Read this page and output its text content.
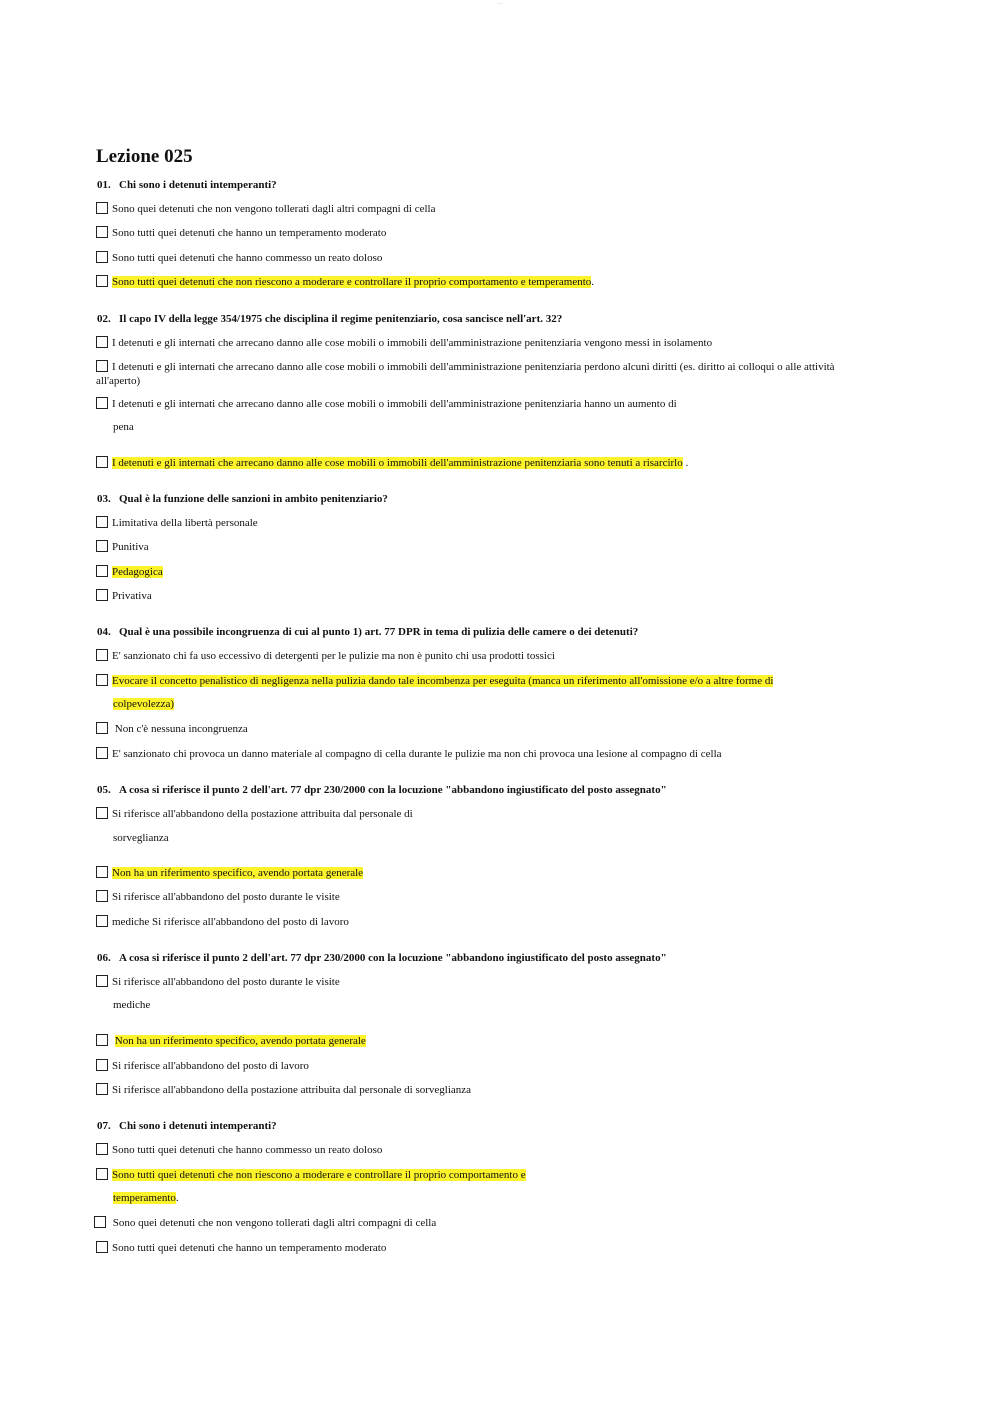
......
Lezione 025
01. Chi sono i detenuti intemperanti?
Sono quei detenuti che non vengono tollerati dagli altri compagni di cella
Sono tutti quei detenuti che hanno un temperamento moderato
Sono tutti quei detenuti che hanno commesso un reato doloso
Sono tutti quei detenuti che non riescono a moderare e controllare il proprio comportamento e temperamento.
02. Il capo IV della legge 354/1975 che disciplina il regime penitenziario, cosa sancisce nell'art. 32?
I detenuti e gli internati che arrecano danno alle cose mobili o immobili dell'amministrazione penitenziaria vengono messi in isolamento
I detenuti e gli internati che arrecano danno alle cose mobili o immobili dell'amministrazione penitenziaria perdono alcuni diritti (es. diritto ai colloqui o alle attività all'aperto)
I detenuti e gli internati che arrecano danno alle cose mobili o immobili dell'amministrazione penitenziaria hanno un aumento di
pena
I detenuti e gli internati che arrecano danno alle cose mobili o immobili dell'amministrazione penitenziaria sono tenuti a risarcirlo .
03. Qual è la funzione delle sanzioni in ambito penitenziario?
Limitativa della libertà personale
Punitiva
Pedagogica
Privativa
04. Qual è una possibile incongruenza di cui al punto 1) art. 77 DPR in tema di pulizia delle camere o dei detenuti?
E' sanzionato chi fa uso eccessivo di detergenti per le pulizie ma non è punito chi usa prodotti tossici
Evocare il concetto penalistico di negligenza nella pulizia dando tale incombenza per eseguita (manca un riferimento all'omissione e/o a altre forme di
colpevolezza)
Non c'è nessuna incongruenza
E' sanzionato chi provoca un danno materiale al compagno di cella durante le pulizie ma non chi provoca una lesione al compagno di cella
05. A cosa si riferisce il punto 2 dell'art. 77 dpr 230/2000 con la locuzione "abbandono ingiustificato del posto assegnato"
Si riferisce all'abbandono della postazione attribuita dal personale di
sorveglianza
Non ha un riferimento specifico, avendo portata generale
Si riferisce all'abbandono del posto durante le visite
mediche Si riferisce all'abbandono del posto di lavoro
06. A cosa si riferisce il punto 2 dell'art. 77 dpr 230/2000 con la locuzione "abbandono ingiustificato del posto assegnato"
Si riferisce all'abbandono del posto durante le visite
mediche
Non ha un riferimento specifico, avendo portata generale
Si riferisce all'abbandono del posto di lavoro
Si riferisce all'abbandono della postazione attribuita dal personale di sorveglianza
07. Chi sono i detenuti intemperanti?
Sono tutti quei detenuti che hanno commesso un reato doloso
Sono tutti quei detenuti che non riescono a moderare e controllare il proprio comportamento e
temperamento.
Sono quei detenuti che non vengono tollerati dagli altri compagni di cella
Sono tutti quei detenuti che hanno un temperamento moderato
